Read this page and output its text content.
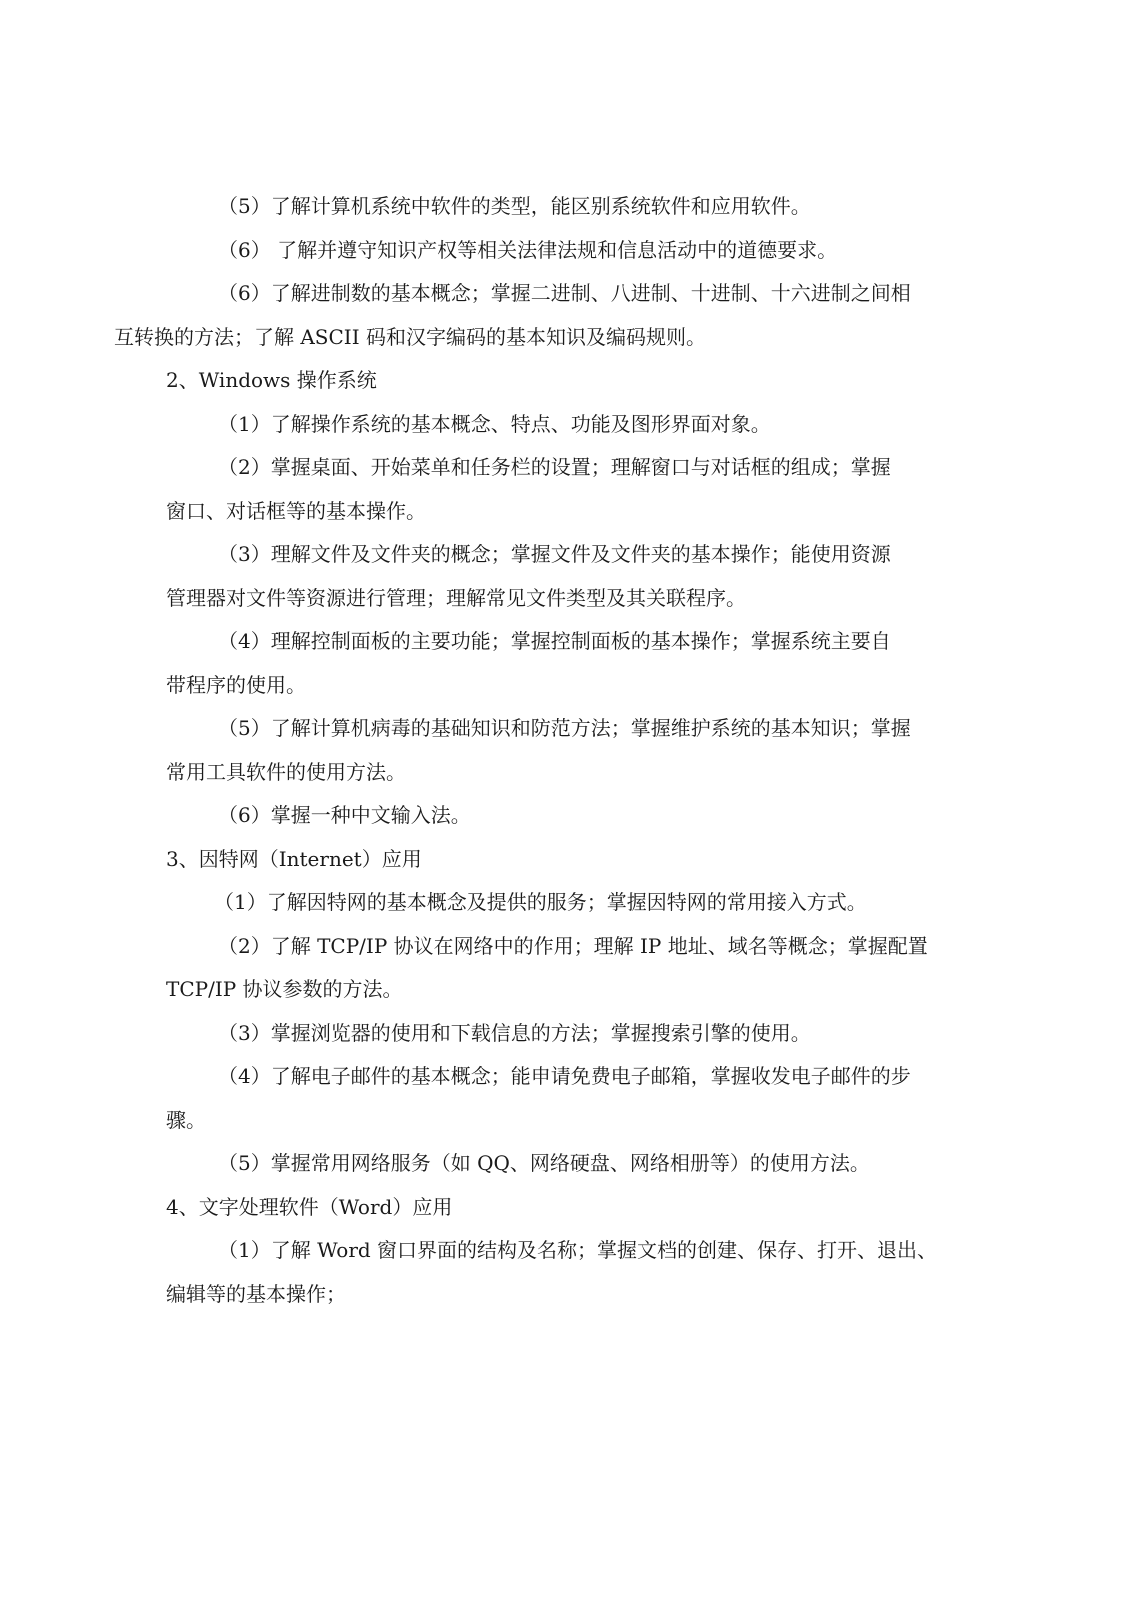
（5）了解计算机系统中软件的类型，能区别系统软件和应用软件。

（6） 了解并遵守知识产权等相关法律法规和信息活动中的道德要求。

（6）了解进制数的基本概念；掌握二进制、八进制、十进制、十六进制之间相
互转换的方法；了解 ASCII 码和汉字编码的基本知识及编码规则。

2、Windows 操作系统

（1）了解操作系统的基本概念、特点、功能及图形界面对象。

（2）掌握桌面、开始菜单和任务栏的设置；理解窗口与对话框的组成；掌握
窗口、对话框等的基本操作。

（3）理解文件及文件夹的概念；掌握文件及文件夹的基本操作；能使用资源
管理器对文件等资源进行管理；理解常见文件类型及其关联程序。

（4）理解控制面板的主要功能；掌握控制面板的基本操作；掌握系统主要自
带程序的使用。

（5）了解计算机病毒的基础知识和防范方法；掌握维护系统的基本知识；掌握
常用工具软件的使用方法。

（6）掌握一种中文输入法。

3、因特网（Internet）应用

（1）了解因特网的基本概念及提供的服务；掌握因特网的常用接入方式。

（2）了解 TCP/IP 协议在网络中的作用；理解 IP 地址、域名等概念；掌握配置
TCP/IP 协议参数的方法。

（3）掌握浏览器的使用和下载信息的方法；掌握搜索引擎的使用。

（4）了解电子邮件的基本概念；能申请免费电子邮箱，掌握收发电子邮件的步
骤。

（5）掌握常用网络服务（如 QQ、网络硬盘、网络相册等）的使用方法。

4、文字处理软件（Word）应用

（1）了解 Word 窗口界面的结构及名称；掌握文档的创建、保存、打开、退出、
编辑等的基本操作；
